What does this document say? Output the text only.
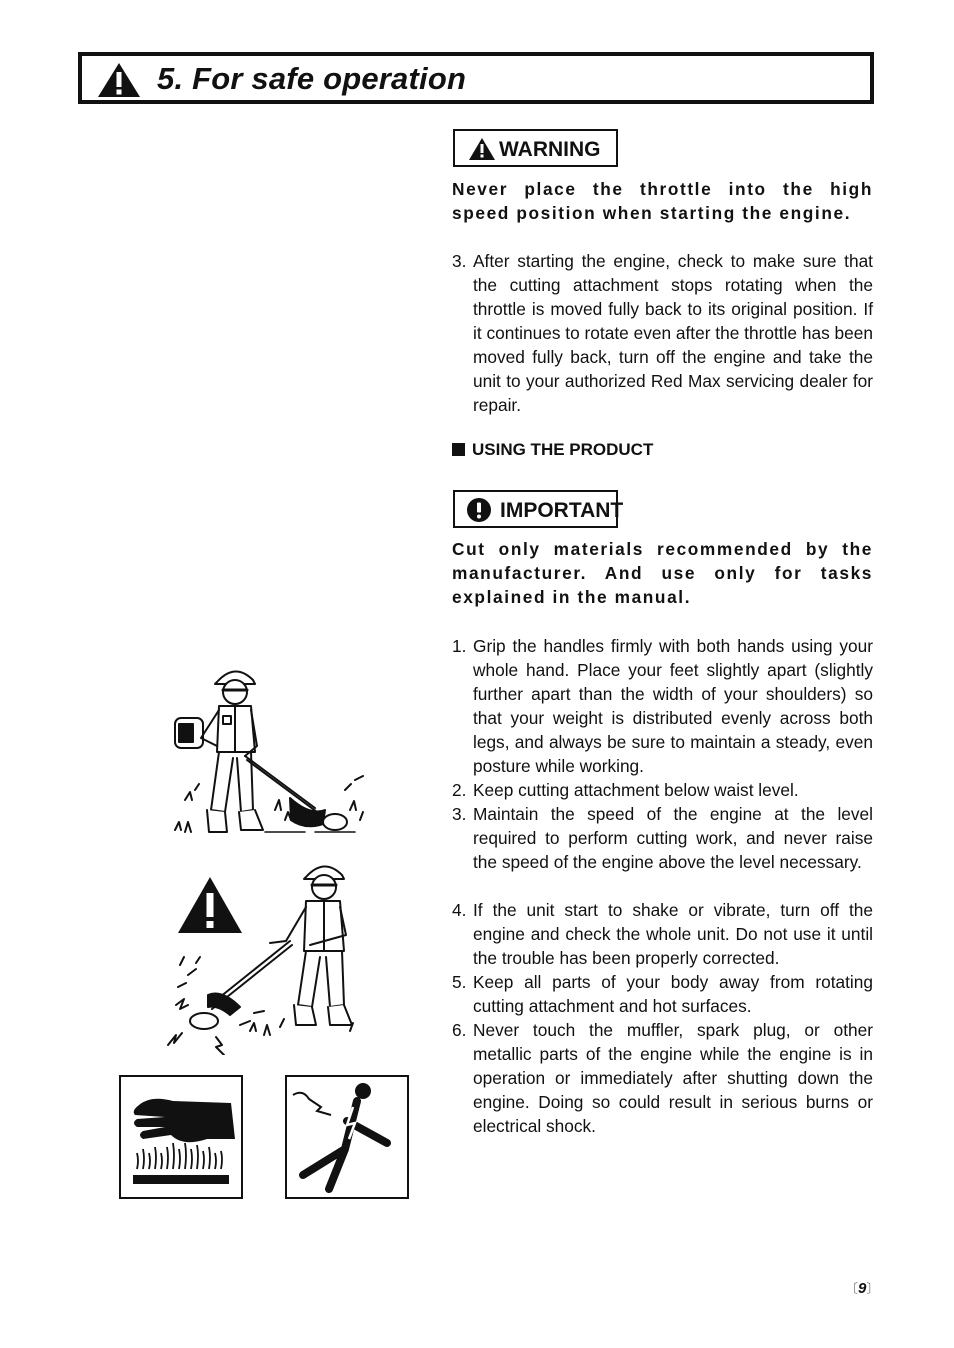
5. For safe operation
WARNING

Never place the throttle into the high speed position when starting the engine.

3. After starting the engine, check to make sure that the cutting attachment stops rotating when the throttle is moved fully back to its original position. If it continues to rotate even after the throttle has been moved fully back, turn off the engine and take the unit to your authorized Red Max servicing dealer for repair.
USING THE PRODUCT
IMPORTANT

Cut only materials recommended by the manufacturer. And use only for tasks explained in the manual.

1. Grip the handles firmly with both hands using your whole hand. Place your feet slightly apart (slightly further apart than the width of your shoulders) so that your weight is distributed evenly across both legs, and always be sure to maintain a steady, even posture while working.
2. Keep cutting attachment below waist level.
3. Maintain the speed of the engine at the level required to perform cutting work, and never raise the speed of the engine above the level necessary.
4. If the unit start to shake or vibrate, turn off the engine and check the whole unit. Do not use it until the trouble has been properly corrected.
5. Keep all parts of your body away from rotating cutting attachment and hot surfaces.
6. Never touch the muffler, spark plug, or other metallic parts of the engine while the engine is in operation or immediately after shutting down the engine. Doing so could result in serious burns or electrical shock.
〔9〕
